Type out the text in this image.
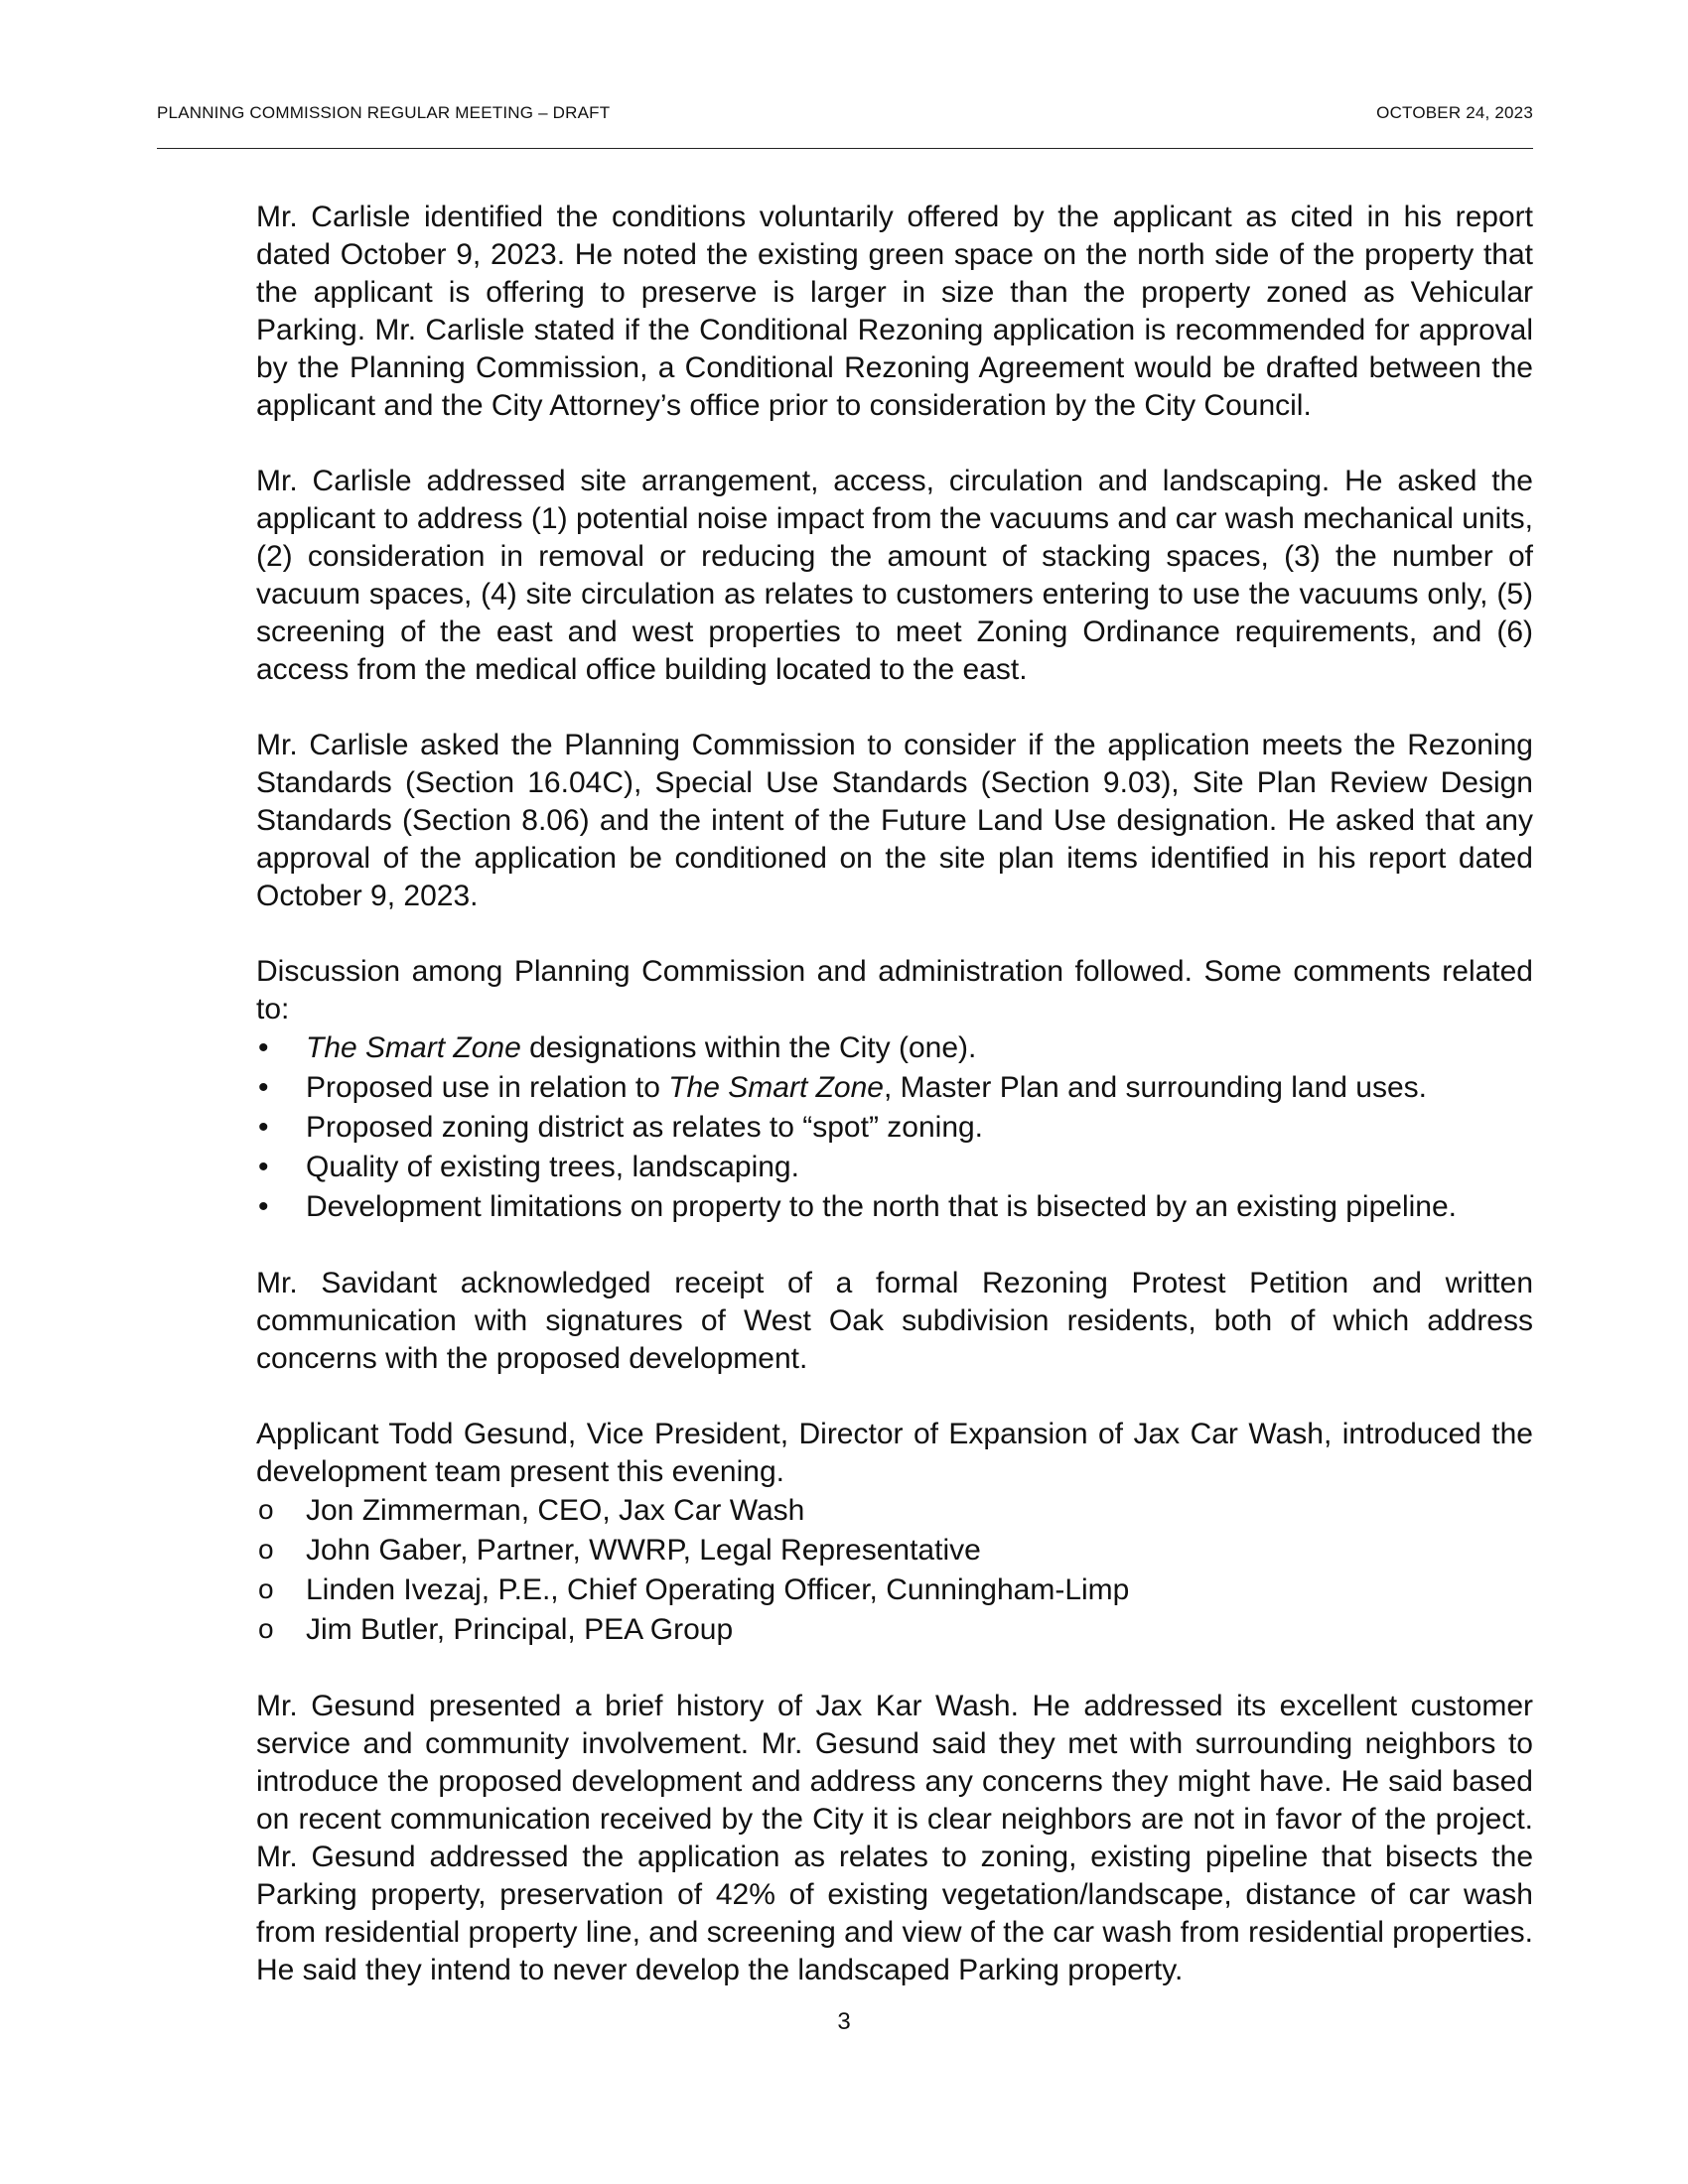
PLANNING COMMISSION REGULAR MEETING – DRAFT	OCTOBER 24, 2023

Mr. Carlisle identified the conditions voluntarily offered by the applicant as cited in his report dated October 9, 2023. He noted the existing green space on the north side of the property that the applicant is offering to preserve is larger in size than the property zoned as Vehicular Parking. Mr. Carlisle stated if the Conditional Rezoning application is recommended for approval by the Planning Commission, a Conditional Rezoning Agreement would be drafted between the applicant and the City Attorney’s office prior to consideration by the City Council.

Mr. Carlisle addressed site arrangement, access, circulation and landscaping. He asked the applicant to address (1) potential noise impact from the vacuums and car wash mechanical units, (2) consideration in removal or reducing the amount of stacking spaces, (3) the number of vacuum spaces, (4) site circulation as relates to customers entering to use the vacuums only, (5) screening of the east and west properties to meet Zoning Ordinance requirements, and (6) access from the medical office building located to the east.

Mr. Carlisle asked the Planning Commission to consider if the application meets the Rezoning Standards (Section 16.04C), Special Use Standards (Section 9.03), Site Plan Review Design Standards (Section 8.06) and the intent of the Future Land Use designation. He asked that any approval of the application be conditioned on the site plan items identified in his report dated October 9, 2023.

Discussion among Planning Commission and administration followed. Some comments related to:

• The Smart Zone designations within the City (one).
• Proposed use in relation to The Smart Zone, Master Plan and surrounding land uses.
• Proposed zoning district as relates to “spot” zoning.
• Quality of existing trees, landscaping.
• Development limitations on property to the north that is bisected by an existing pipeline.

Mr. Savidant acknowledged receipt of a formal Rezoning Protest Petition and written communication with signatures of West Oak subdivision residents, both of which address concerns with the proposed development.

Applicant Todd Gesund, Vice President, Director of Expansion of Jax Car Wash, introduced the development team present this evening.

o Jon Zimmerman, CEO, Jax Car Wash
o John Gaber, Partner, WWRP, Legal Representative
o Linden Ivezaj, P.E., Chief Operating Officer, Cunningham-Limp
o Jim Butler, Principal, PEA Group

Mr. Gesund presented a brief history of Jax Kar Wash. He addressed its excellent customer service and community involvement. Mr. Gesund said they met with surrounding neighbors to introduce the proposed development and address any concerns they might have. He said based on recent communication received by the City it is clear neighbors are not in favor of the project. Mr. Gesund addressed the application as relates to zoning, existing pipeline that bisects the Parking property, preservation of 42% of existing vegetation/landscape, distance of car wash from residential property line, and screening and view of the car wash from residential properties. He said they intend to never develop the landscaped Parking property.

3
